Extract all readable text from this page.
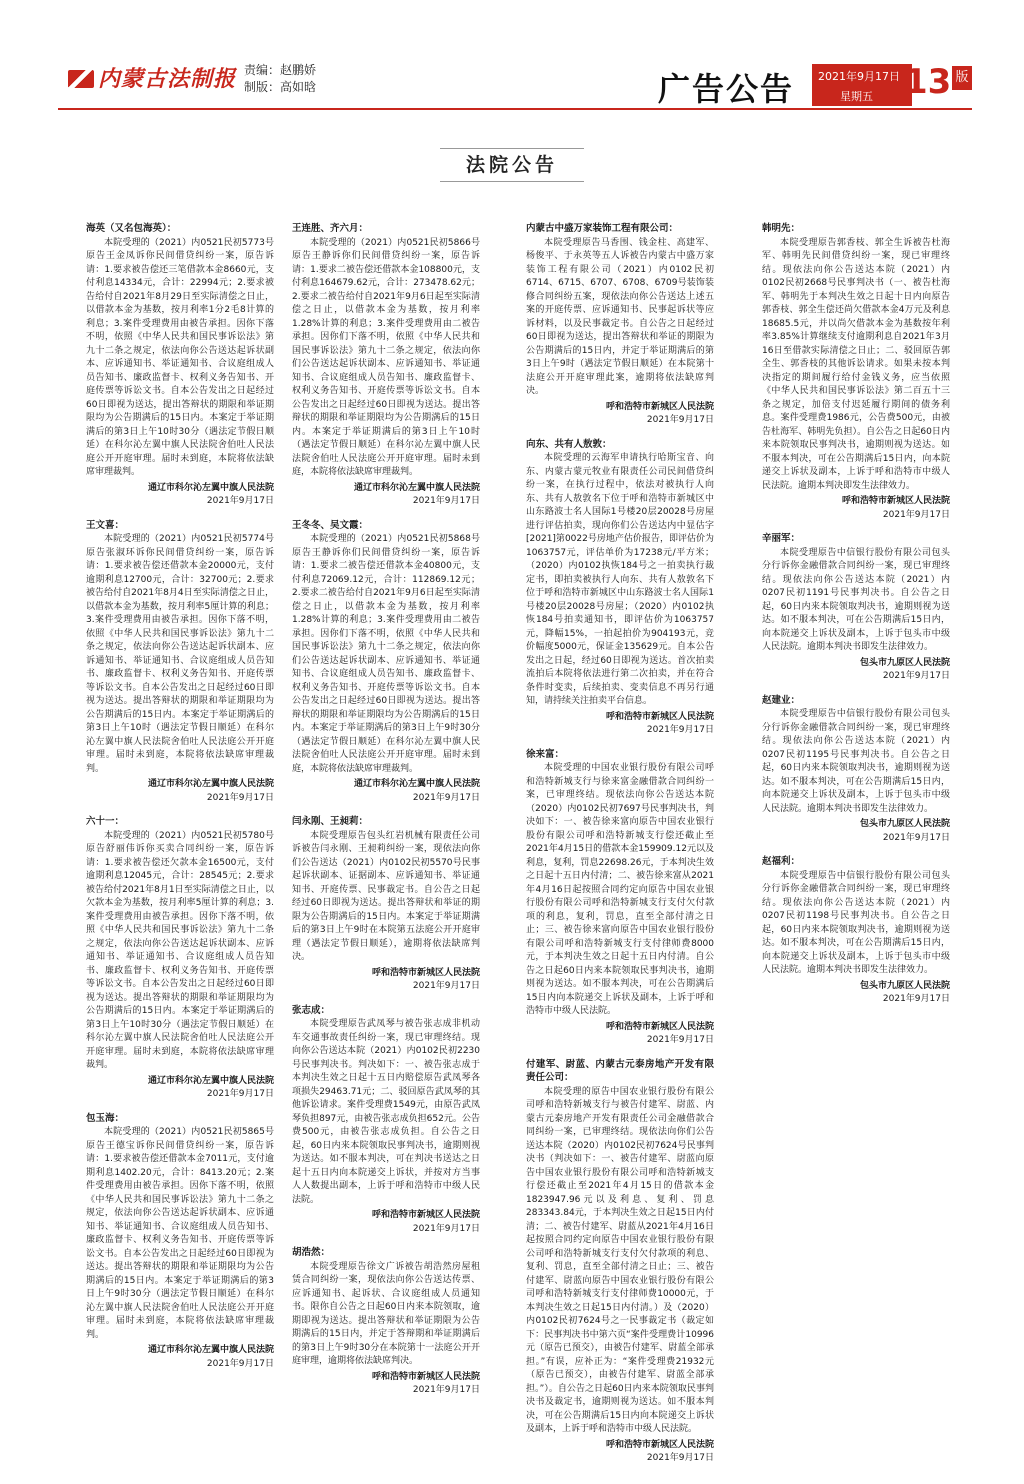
内蒙古法制报 责编：赵鹏娇
制版：高如晗	广告公告 2021年9月17日
星期五 13 版
法院公告
海英（又名包海英）：
本院受理的（2021）内0521民初5773号原告王金凤诉你民间借贷纠纷一案，原告诉请：1.要求被告偿还三笔借款本金8660元，支付利息14334元，合计：22994元；2.要求被告给付自2021年8月29日至实际清偿之日止，以借款本金为基数，按月利率1分2毛8计算的利息；3.案件受理费用由被告承担。因你下落不明，依照《中华人民共和国民事诉讼法》第九十二条之规定，依法向你公告送达起诉状副本、应诉通知书、举证通知书、合议庭组成人员告知书、廉政监督卡、权利义务告知书、开庭传票等诉讼文书。自本公告发出之日起经过60日即视为送达，提出答辩状的期限和举证期限均为公告期满后的15日内。本案定于举证期满后的第3日上午10时30分（遇法定节假日顺延）在科尔沁左翼中旗人民法院舍伯吐人民法庭公开开庭审理。届时未到庭，本院将依法缺席审理裁判。
通辽市科尔沁左翼中旗人民法院
2021年9月17日
王文喜：
本院受理的（2021）内0521民初5774号原告张淑环诉你民间借贷纠纷一案，原告诉请：1.要求被告偿还借款本金20000元，支付逾期利息12700元，合计：32700元；2.要求被告给付自2021年8月4日至实际清偿之日止，以借款本金为基数，按月利率5厘计算的利息；3.案件受理费用由被告承担。因你下落不明，依照《中华人民共和国民事诉讼法》第九十二条之规定，依法向你公告送达起诉状副本、应诉通知书、举证通知书、合议庭组成人员告知书、廉政监督卡、权利义务告知书、开庭传票等诉讼文书。自本公告发出之日起经过60日即视为送达。提出答辩状的期限和举证期限均为公告期满后的15日内。本案定于举证期满后的第3日上午10时（遇法定节假日顺延）在科尔沁左翼中旗人民法院舍伯吐人民法庭公开开庭审理。届时未到庭，本院将依法缺席审理裁判。
通辽市科尔沁左翼中旗人民法院
2021年9月17日
六十一：
本院受理的（2021）内0521民初5780号原告舒丽伟诉你买卖合同纠纷一案，原告诉请：1.要求被告偿还欠款本金16500元，支付逾期利息12045元，合计：28545元；2.要求被告给付2021年8月1日至实际清偿之日止，以欠款本金为基数，按月利率5厘计算的利息；3.案件受理费用由被告承担。因你下落不明，依照《中华人民共和国民事诉讼法》第九十二条之规定，依法向你公告送达起诉状副本、应诉通知书、举证通知书、合议庭组成人员告知书、廉政监督卡、权利义务告知书、开庭传票等诉讼文书。自本公告发出之日起经过60日即视为送达。提出答辩状的期限和举证期限均为公告期满后的15日内。本案定于举证期满后的第3日上午10时30分（遇法定节假日顺延）在科尔沁左翼中旗人民法院舍伯吐人民法庭公开开庭审理。届时未到庭，本院将依法缺席审理裁判。
通辽市科尔沁左翼中旗人民法院
2021年9月17日
包玉海：
本院受理的（2021）内0521民初5865号原告王德宝诉你民间借贷纠纷一案，原告诉请：1.要求被告偿还借款本金7011元，支付逾期利息1402.20元，合计：8413.20元；2.案件受理费用由被告承担。因你下落不明，依照《中华人民共和国民事诉讼法》第九十二条之规定，依法向你公告送达起诉状副本、应诉通知书、举证通知书、合议庭组成人员告知书、廉政监督卡、权利义务告知书、开庭传票等诉讼文书。自本公告发出之日起经过60日即视为送达。提出答辩状的期限和举证期限均为公告期满后的15日内。本案定于举证期满后的第3日上午9时30分（遇法定节假日顺延）在科尔沁左翼中旗人民法院舍伯吐人民法庭公开开庭审理。届时未到庭，本院将依法缺席审理裁判。
通辽市科尔沁左翼中旗人民法院
2021年9月17日
王连胜、齐六月：
本院受理的（2021）内0521民初5866号原告王静诉你们民间借贷纠纷一案，原告诉请：1.要求二被告偿还借款本金108800元，支付利息164679.62元，合计：273478.62元；2.要求二被告给付自2021年9月6日起至实际清偿之日止，以借款本金为基数，按月利率1.28%计算的利息；3.案件受理费用由二被告承担。因你们下落不明，依照《中华人民共和国民事诉讼法》第九十二条之规定，依法向你们公告送达起诉状副本、应诉通知书、举证通知书、合议庭组成人员告知书、廉政监督卡、权利义务告知书、开庭传票等诉讼文书。自本公告发出之日起经过60日即视为送达。提出答辩状的期限和举证期限均为公告期满后的15日内。本案定于举证期满后的第3日上午10时（遇法定节假日顺延）在科尔沁左翼中旗人民法院舍伯吐人民法庭公开开庭审理。届时未到庭，本院将依法缺席审理裁判。
通辽市科尔沁左翼中旗人民法院
2021年9月17日
王冬冬、吴文霞：
本院受理的（2021）内0521民初5868号原告王静诉你们民间借贷纠纷一案，原告诉请：1.要求二被告偿还借款本金40800元，支付利息72069.12元，合计：112869.12元；2.要求二被告给付自2021年9月6日起至实际清偿之日止，以借款本金为基数，按月利率1.28%计算的利息；3.案件受理费用由二被告承担。因你们下落不明，依照《中华人民共和国民事诉讼法》第九十二条之规定，依法向你们公告送达起诉状副本、应诉通知书、举证通知书、合议庭组成人员告知书、廉政监督卡、权利义务告知书、开庭传票等诉讼文书。自本公告发出之日起经过60日即视为送达。提出答辩状的期限和举证期限均为公告期满后的15日内。本案定于举证期满后的第3日上午9时30分（遇法定节假日顺延）在科尔沁左翼中旗人民法院舍伯吐人民法庭公开开庭审理。届时未到庭，本院将依法缺席审理裁判。
通辽市科尔沁左翼中旗人民法院
2021年9月17日
闫永刚、王昶莉：
本院受理原告包头红岩机械有限责任公司诉被告闫永刚、王昶莉纠纷一案，现依法向你们公告送达（2021）内0102民初5570号民事起诉状副本、证据副本、应诉通知书、举证通知书、开庭传票、民事裁定书。自公告之日起经过60日即视为送达。提出答辩状和举证的期限为公告期满后的15日内。本案定于举证期满后的第3日上午9时在本院第五法庭公开开庭审理（遇法定节假日顺延），逾期将依法缺席判决。
呼和浩特市新城区人民法院
2021年9月17日
张志成：
本院受理原告武凤琴与被告张志成非机动车交通事故责任纠纷一案，现已审理终结。现向你公告送达本院（2021）内0102民初2230号民事判决书。判决如下：一、被告张志成于本判决生效之日起十五日内赔偿原告武凤琴各项损失29463.71元；二、驳回原告武凤琴的其他诉讼请求。案件受理费1549元，由原告武凤琴负担897元，由被告张志成负担652元。公告费500元，由被告张志成负担。自公告之日起，60日内来本院领取民事判决书，逾期则视为送达。如不服本判决，可在判决书送达之日起十五日内向本院递交上诉状，并按对方当事人人数提出副本，上诉于呼和浩特市中级人民法院。
呼和浩特市新城区人民法院
2021年9月17日
胡浩然：
本院受理原告徐文广诉被告胡浩然房屋租赁合同纠纷一案，现依法向你公告送达传票、应诉通知书、起诉状、合议庭组成人员通知书。限你自公告之日起60日内来本院领取，逾期即视为送达。提出答辩状和举证期限为公告期满后的15日内，并定于答辩期和举证期满后的第3日上午9时30分在本院第十一法庭公开开庭审理，逾期将依法缺席判决。
呼和浩特市新城区人民法院
2021年9月17日
内蒙古中盛万家装饰工程有限公司：
本院受理原告马香围、钱金柱、高建军、杨俊平、于永英等五人诉被告内蒙古中盛万家装饰工程有限公司（2021）内0102民初6714、6715、6707、6708、6709号装饰装修合同纠纷五案，现依法向你公告送达上述五案的开庭传票、应诉通知书、民事起诉状等应诉材料，以及民事裁定书。自公告之日起经过60日即视为送达，提出答辩状和举证的期限为公告期满后的15日内，并定于举证期满后的第3日上午9时（遇法定节假日顺延）在本院第十法庭公开开庭审理此案，逾期将依法缺席判决。
呼和浩特市新城区人民法院
2021年9月17日
向东、共有人敖敦：
本院受理的云海军申请执行哈斯宝音、向东、内蒙古蒙元牧业有限责任公司民间借贷纠纷一案，在执行过程中，依法对被执行人向东、共有人敖敦名下位于呼和浩特市新城区中山东路波士名人国际1号楼20层20028号房屋进行评估拍卖，现向你们公告送达内中显估字[2021]第0022号房地产估价报告，即评估价为1063757元，评估单价为17238元/平方米；（2020）内0102执恢184号之一拍卖执行裁定书，即拍卖被执行人向东、共有人敖敦名下位于呼和浩特市新城区中山东路波士名人国际1号楼20层20028号房屋；（2020）内0102执恢184号拍卖通知书，即评估价为1063757元，降幅15%，一拍起拍价为904193元，竞价幅度5000元，保证金135629元。自本公告发出之日起，经过60日即视为送达。首次拍卖流拍后本院将依法进行第二次拍卖，并在符合条件时变卖，后续拍卖、变卖信息不再另行通知，请持续关注拍卖平台信息。
呼和浩特市新城区人民法院
2021年9月17日
徐来富：
本院受理的中国农业银行股份有限公司呼和浩特新城支行与徐来富金融借款合同纠纷一案，已审理终结。现依法向你公告送达本院（2020）内0102民初7697号民事判决书，判决如下：一、被告徐来富向原告中国农业银行股份有限公司呼和浩特新城支行偿还截止至2021年4月15日的借款本金159909.12元以及利息，复利，罚息22698.26元，于本判决生效之日起十五日内付清；二、被告徐来富从2021年4月16日起按照合同约定向原告中国农业银行股份有限公司呼和浩特新城支行支付欠付款项的利息，复利，罚息，直至全部付清之日止；三、被告徐来富向原告中国农业银行股份有限公司呼和浩特新城支行支付律师费8000元，于本判决生效之日起十五日内付清。自公告之日起60日内来本院领取民事判决书，逾期则视为送达。如不服本判决，可在公告期满后15日内向本院递交上诉状及副本，上诉于呼和浩特市中级人民法院。
呼和浩特市新城区人民法院
2021年9月17日
付建军、尉蓝、内蒙古元泰房地产开发有限责任公司：
本院受理的原告中国农业银行股份有限公司呼和浩特新城支行与被告付建军、尉蓝、内蒙古元泰房地产开发有限责任公司金融借款合同纠纷一案，已审理终结。现依法向你们公告送达本院（2020）内0102民初7624号民事判决书（判决如下：一、被告付建军、尉蓝向原告中国农业银行股份有限公司呼和浩特新城支行偿还截止至2021年4月15日的借款本金1823947.96元以及利息、复利、罚息283343.84元，于本判决生效之日起15日内付清；二、被告付建军、尉蓝从2021年4月16日起按照合同约定向原告中国农业银行股份有限公司呼和浩特新城支行支付欠付款项的利息、复利、罚息，直至全部付清之日止；三、被告付建军、尉蓝向原告中国农业银行股份有限公司呼和浩特新城支行支付律师费10000元，于本判决生效之日起15日内付清。）及（2020）内0102民初7624号之一民事裁定书（裁定如下：民事判决书中第六页“案件受理费计10996元（原告已预交），由被告付建军、尉蓝全部承担。”有误，应补正为：“案件受理费21932元（原告已预交），由被告付建军、尉蓝全部承担。”）。自公告之日起60日内来本院领取民事判决书及裁定书，逾期则视为送达。如不服本判决，可在公告期满后15日内向本院递交上诉状及副本，上诉于呼和浩特市中级人民法院。
呼和浩特市新城区人民法院
2021年9月17日
韩明先：
本院受理原告郭香枝、郭全生诉被告杜海军、韩明先民间借贷纠纷一案，现已审理终结。现依法向你公告送达本院（2021）内0102民初2668号民事判决书（一、被告杜海军、韩明先于本判决生效之日起十日内向原告郭香枝、郭全生偿还尚欠借款本金4万元及利息18685.5元，并以尚欠借款本金为基数按年利率3.85%计算继续支付逾期利息自2021年3月16日至借款实际清偿之日止；二、驳回原告郭全生、郭香枝的其他诉讼请求。如果未按本判决指定的期间履行给付金钱义务，应当依照《中华人民共和国民事诉讼法》第二百五十三条之规定，加倍支付迟延履行期间的债务利息。案件受理费1986元，公告费500元，由被告杜海军、韩明先负担）。自公告之日起60日内来本院领取民事判决书，逾期则视为送达。如不服本判决，可在公告期满后15日内，向本院递交上诉状及副本，上诉于呼和浩特市中级人民法院。逾期本判决即发生法律效力。
呼和浩特市新城区人民法院
2021年9月17日
辛丽军：
本院受理原告中信银行股份有限公司包头分行诉你金融借款合同纠纷一案，现已审理终结。现依法向你公告送达本院（2021）内0207民初1191号民事判决书。自公告之日起，60日内来本院领取判决书，逾期则视为送达。如不服本判决，可在公告期满后15日内，向本院递交上诉状及副本，上诉于包头市中级人民法院。逾期本判决书即发生法律效力。
包头市九原区人民法院
2021年9月17日
赵建业：
本院受理原告中信银行股份有限公司包头分行诉你金融借款合同纠纷一案，现已审理终结。现依法向你公告送达本院（2021）内0207民初1195号民事判决书。自公告之日起，60日内来本院领取判决书，逾期则视为送达。如不服本判决，可在公告期满后15日内，向本院递交上诉状及副本，上诉于包头市中级人民法院。逾期本判决书即发生法律效力。
包头市九原区人民法院
2021年9月17日
赵福利：
本院受理原告中信银行股份有限公司包头分行诉你金融借款合同纠纷一案，现已审理终结。现依法向你公告送达本院（2021）内0207民初1198号民事判决书。自公告之日起，60日内来本院领取判决书，逾期则视为送达。如不服本判决，可在公告期满后15日内，向本院递交上诉状及副本，上诉于包头市中级人民法院。逾期本判决书即发生法律效力。
包头市九原区人民法院
2021年9月17日
